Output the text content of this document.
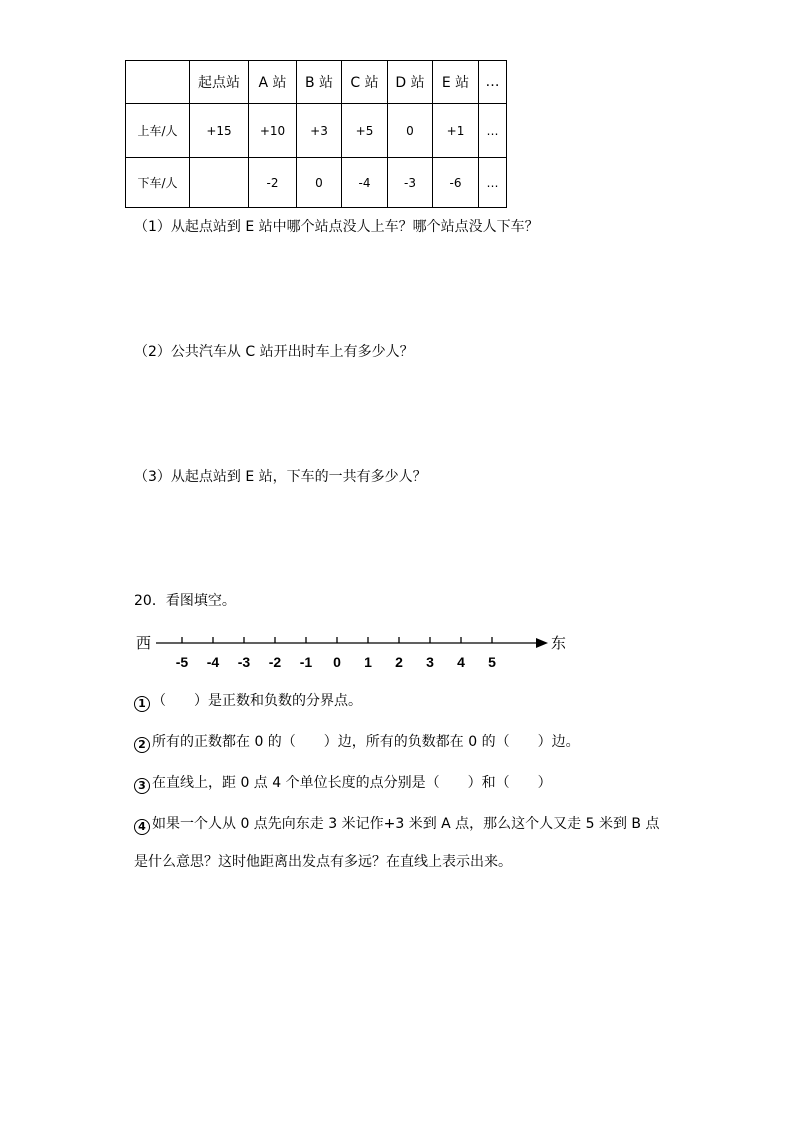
	起点站	A 站	B 站	C 站	D 站	E 站	…
上车/人	+15	+10	+3	+5	0	+1	…
下车/人		-2	0	-4	-3	-6	…
（1）从起点站到 E 站中哪个站点没人上车？哪个站点没人下车？
（2）公共汽车从 C 站开出时车上有多少人？
（3）从起点站到 E 站，下车的一共有多少人？
20．看图填空。
西	东
-5 -4 -3 -2 -1 0 1 2 3 4 5
1 （　　）是正数和负数的分界点。
2 所有的正数都在 0 的（　　）边，所有的负数都在 0 的（　　）边。
3 在直线上，距 0 点 4 个单位长度的点分别是（　　）和（　　）
4 如果一个人从 0 点先向东走 3 米记作+3 米到 A 点，那么这个人又走 5 米到 B 点
是什么意思？这时他距离出发点有多远？在直线上表示出来。
